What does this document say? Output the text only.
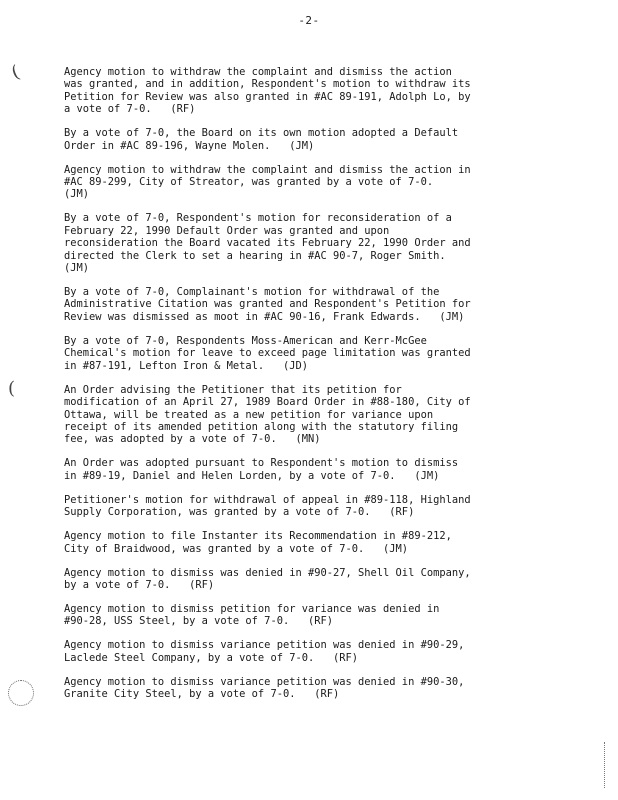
-2-
(
(
Agency motion to withdraw the complaint and dismiss the action
was granted, and in addition, Respondent's motion to withdraw its
Petition for Review was also granted in #AC 89-191, Adolph Lo, by
a vote of 7-0.   (RF)
By a vote of 7-0, the Board on its own motion adopted a Default
Order in #AC 89-196, Wayne Molen.   (JM)
Agency motion to withdraw the complaint and dismiss the action in
#AC 89-299, City of Streator, was granted by a vote of 7-0.
(JM)
By a vote of 7-0, Respondent's motion for reconsideration of a
February 22, 1990 Default Order was granted and upon
reconsideration the Board vacated its February 22, 1990 Order and
directed the Clerk to set a hearing in #AC 90-7, Roger Smith.
(JM)
By a vote of 7-0, Complainant's motion for withdrawal of the
Administrative Citation was granted and Respondent's Petition for
Review was dismissed as moot in #AC 90-16, Frank Edwards.   (JM)
By a vote of 7-0, Respondents Moss-American and Kerr-McGee
Chemical's motion for leave to exceed page limitation was granted
in #87-191, Lefton Iron & Metal.   (JD)
An Order advising the Petitioner that its petition for
modification of an April 27, 1989 Board Order in #88-180, City of
Ottawa, will be treated as a new petition for variance upon
receipt of its amended petition along with the statutory filing
fee, was adopted by a vote of 7-0.   (MN)
An Order was adopted pursuant to Respondent's motion to dismiss
in #89-19, Daniel and Helen Lorden, by a vote of 7-0.   (JM)
Petitioner's motion for withdrawal of appeal in #89-118, Highland
Supply Corporation, was granted by a vote of 7-0.   (RF)
Agency motion to file Instanter its Recommendation in #89-212,
City of Braidwood, was granted by a vote of 7-0.   (JM)
Agency motion to dismiss was denied in #90-27, Shell Oil Company,
by a vote of 7-0.   (RF)
Agency motion to dismiss petition for variance was denied in
#90-28, USS Steel, by a vote of 7-0.   (RF)
Agency motion to dismiss variance petition was denied in #90-29,
Laclede Steel Company, by a vote of 7-0.   (RF)
Agency motion to dismiss variance petition was denied in #90-30,
Granite City Steel, by a vote of 7-0.   (RF)
